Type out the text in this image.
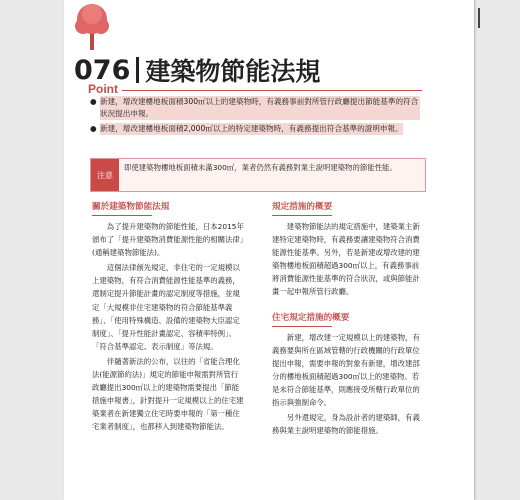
076 建築物節能法規
Point
● 新建，增改建樓地板面積300㎡以上的建築物時，有義務事前對所管行政廳提出節能基準的符合狀況提出申報。
● 新建，增改建樓地板面積2,000㎡以上的特定建築物時，有義務提出符合基準的證明申報。
注意
即使建築物樓地板面積未滿300㎡，業者仍然有義務對業主說明建築物的節能性能。
關於建築物節能法規

為了提升建築物的節能性能，日本2015年頒布了「提升建築物消費能源性能的相關法律」(通稱建築物節能法)。

這個法律創先規定，非住宅的一定規模以上建築物，有符合消費能源性能基準的義務，還制定提升節能計畫的認定制度等措施，並規定「大規模非住宅建築物的符合節能基準義務」、「使用特殊構造、設備的建築物大臣認定制度」、「提升性能計畫認定、容積率特例」、「符合基準認定、表示制度」等法規。

伴隨著新法的公布，以往的「省能合理化法(能源節約法)」規定的節能申報需對所管行政廳提出300㎡以上的建築物需要提出「節能措施申報書」，針對提升一定規模以上的住宅建築業者在新建獨立住宅時要申報的「第一種住宅業者制度」，也都移入到建築物節能法。

規定措施的概要

建築物節能法的規定措施中，建築業主新建特定建築物時，有義務要讓建築物符合消費能源性能基準。另外，若是新建或增改建的建築物樓地板面積超過300㎡以上，有義務事前將消費能源性能基準的符合狀況，或與節能計畫一起申報所管行政廳。

住宅規定措施的概要

新建，增改建一定規模以上的建築物，有義務要與所在區域管轄的行政機關的行政單位提出申報，需要申報的對象有新建，增改建部分的樓地板面積超過300㎡以上的建築物。若是未符合節能基準，則應接受所轄行政單位的指示與強制命令。

另外還規定，身為設計者的建築師，有義務與業主說明建築物的節能措施。
